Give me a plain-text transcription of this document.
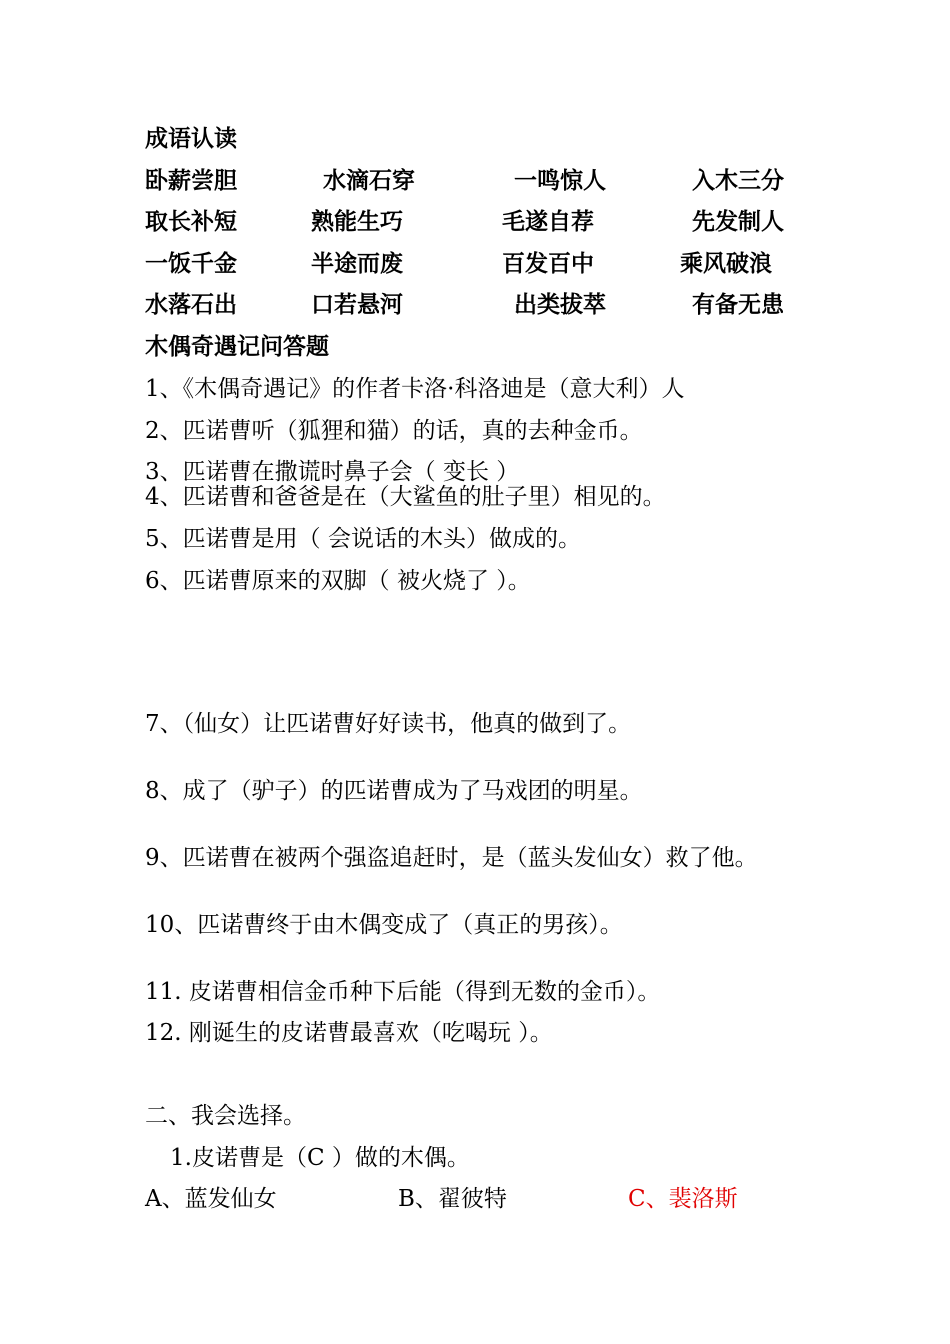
成语认读
卧薪尝胆	水滴石穿	一鸣惊人	入木三分
取长补短	熟能生巧	毛遂自荐	先发制人
一饭千金	半途而废	百发百中	乘风破浪
水落石出	口若悬河	出类拔萃	有备无患
木偶奇遇记问答题
1、《木偶奇遇记》的作者卡洛·科洛迪是（意大利）人
2、匹诺曹听（狐狸和猫）的话，真的去种金币。
3、匹诺曹在撒谎时鼻子会（ 变长 ）
4、匹诺曹和爸爸是在（大鲨鱼的肚子里）相见的。
5、匹诺曹是用（ 会说话的木头）做成的。
6、匹诺曹原来的双脚（ 被火烧了 ）。
7、（仙女）让匹诺曹好好读书，他真的做到了。
8、成了（驴子）的匹诺曹成为了马戏团的明星。
9、匹诺曹在被两个强盗追赶时，是（蓝头发仙女）救了他。
10、匹诺曹终于由木偶变成了（真正的男孩）。
11. 皮诺曹相信金币种下后能（得到无数的金币）。
12. 刚诞生的皮诺曹最喜欢（吃喝玩 ）。
二、我会选择。
1.皮诺曹是（C ）做的木偶。
A、蓝发仙女	B、翟彼特	C、裴洛斯
